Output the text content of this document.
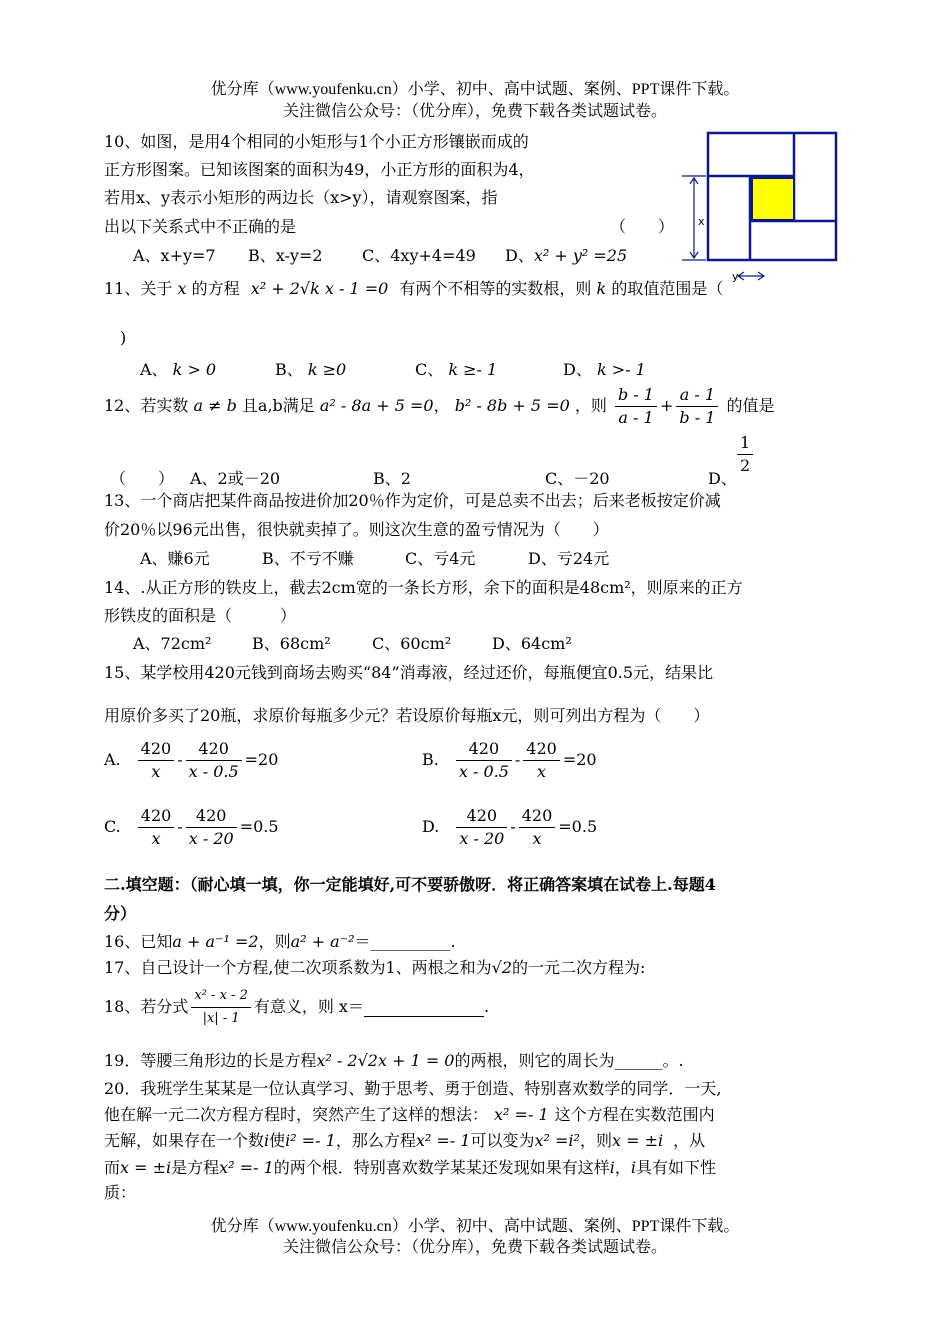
优分库（www.youfenku.cn）小学、初中、高中试题、案例、PPT课件下载。
关注微信公众号：（优分库），免费下载各类试题试卷。
10、如图，是用4个相同的小矩形与1个小正方形镶嵌而成的
正方形图案。已知该图案的面积为49，小正方形的面积为4，
若用x、y表示小矩形的两边长（x>y），请观察图案，指
出以下关系式中不正确的是	（　　）
A、x+y=7 B、x-y=2 C、4xy+4=49 D、x² + y² =25
x
y
11、关于 x 的方程 x² + 2√k x - 1 =0 有两个不相等的实数根，则 k 的取值范围是（
)
A、 k > 0	B、 k ≥0	C、 k ≥- 1	D、 k >- 1
12、若实数 a ≠ b 且a,b满足 a² - 8a + 5 =0， b² - 8b + 5 =0 ，则 $\frac{b - 1}{a - 1} + \frac{a - 1}{b - 1}$ 的值是
（　　） A、2或－20	B、2	C、－20	D、
$\frac{1}{2}$
13、一个商店把某件商品按进价加20％作为定价，可是总卖不出去；后来老板按定价减
价20％以96元出售，很快就卖掉了。则这次生意的盈亏情况为（　　）
A、赚6元	B、不亏不赚	C、亏4元	D、亏24元
14、.从正方形的铁皮上，截去2cm宽的一条长方形，余下的面积是48cm²，则原来的正方
形铁皮的面积是（　　　）
A、72cm²	B、68cm²	C、60cm²	D、64cm²
15、某学校用420元钱到商场去购买“84”消毒液，经过还价，每瓶便宜0.5元，结果比
用原价多买了20瓶，求原价每瓶多少元？若设原价每瓶x元，则可列出方程为（　　）
A. $\frac{420}{x} - \frac{420}{x - 0.5} =20$	B. $\frac{420}{x - 0.5} - \frac{420}{x} =20$
C. $\frac{420}{x} - \frac{420}{x - 20} =0.5$	D. $\frac{420}{x - 20} - \frac{420}{x} =0.5$
二.填空题：（耐心填一填，你一定能填好,可不要骄傲呀．将正确答案填在试卷上.每题4
分）
16、已知a + a⁻¹ =2，则a² + a⁻²＝__________.
17、自己设计一个方程,使二次项系数为1、两根之和为√2的一元二次方程为:
18、若分式 $\frac{\text{x² - x - 2}}{|x| - 1}$ 有意义，则 x＝	.
19．等腰三角形边的长是方程x² - 2√2x + 1 = 0的两根，则它的周长为______。.
20．我班学生某某是一位认真学习、勤于思考、勇于创造、特别喜欢数学的同学．一天,
他在解一元二次方程方程时，突然产生了这样的想法： x² =- 1 这个方程在实数范围内
无解，如果存在一个数i使i² =- 1，那么方程x² =- 1可以变为x² =i²，则x = ±i ，从
而x = ±i是方程x² =- 1的两个根．特别喜欢数学某某还发现如果有这样i，i具有如下性
质：
优分库（www.youfenku.cn）小学、初中、高中试题、案例、PPT课件下载。
关注微信公众号：（优分库），免费下载各类试题试卷。
